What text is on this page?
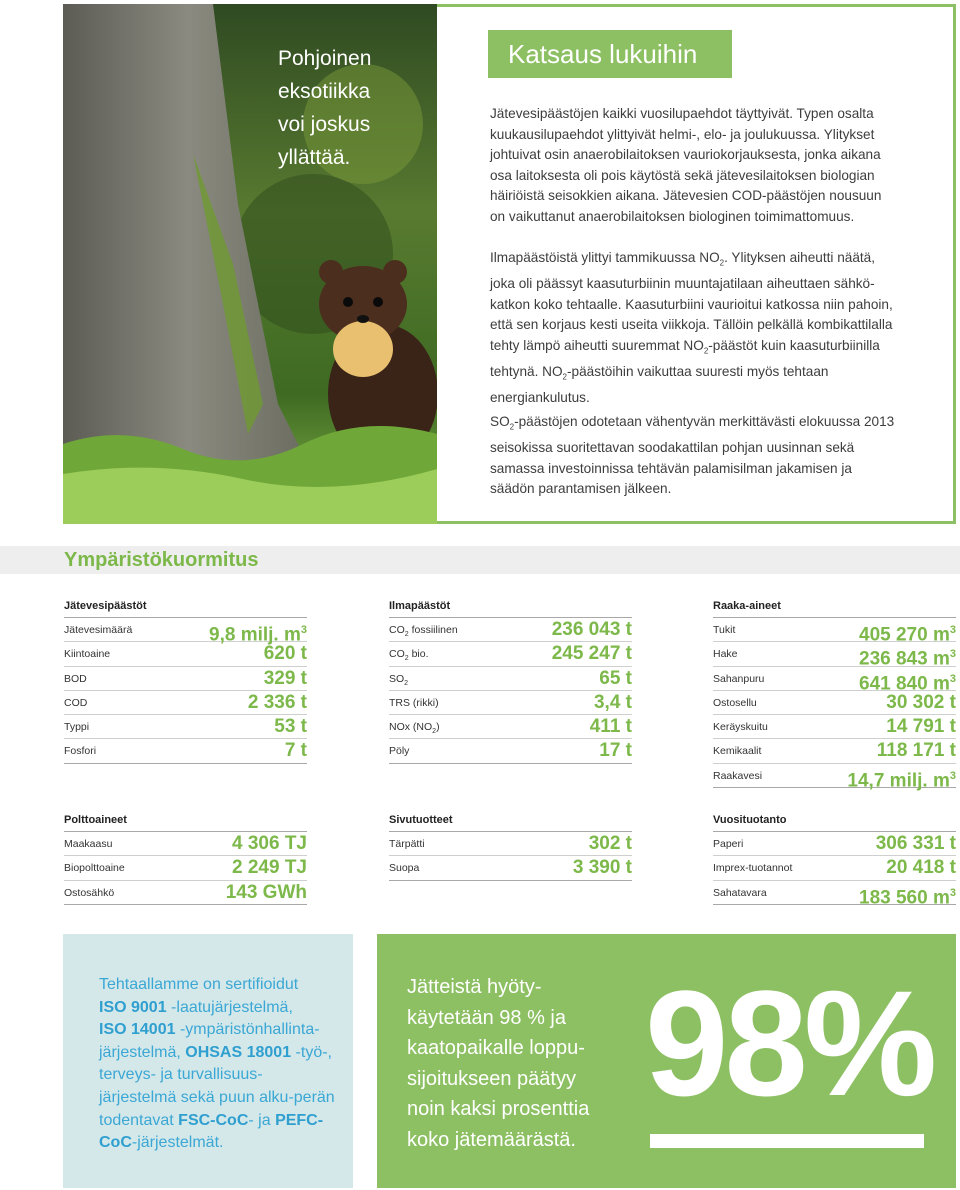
Pohjoinen
eksotiikka
voi joskus
yllättää.
Katsaus lukuihin
Jätevesipäästöjen kaikki vuosilupaehdot täyttyivät. Typen osalta kuukausilupaehdot ylittyivät helmi-, elo- ja joulukuussa. Ylitykset johtuivat osin anaerobilaitoksen vauriokorjauksesta, jonka aikana osa laitoksesta oli pois käytöstä sekä jätevesilaitoksen biologian häiriöistä seisokkien aikana. Jätevesien COD-päästöjen nousuun on vaikuttanut anaerobilaitoksen biologinen toimimattomuus.
Ilmapäästöistä ylittyi tammikuussa $NO_2$. Ylityksen aiheutti näätä, joka oli päässyt kaasuturbiinin muuntajatilaan aiheuttaen sähkö-katkon koko tehtaalle. Kaasuturbiini vaurioitui katkossa niin pahoin, että sen korjaus kesti useita viikkoja. Tällöin pelkällä kombikattilalla tehty lämpö aiheutti suuremmat $NO_2$-päästöt kuin kaasuturbiinilla tehtynä. $NO_2$-päästöihin vaikuttaa suuresti myös tehtaan energiankulutus.
$SO_2$-päästöjen odotetaan vähentyvän merkittävästi elokuussa 2013 seisokissa suoritettavan soodakattilan pohjan uusinnan sekä samassa investoinnissa tehtävän palamisilman jakamisen ja säädön parantamisen jälkeen.
Ympäristökuormitus
Jätevesipäästöt
Jätevesimäärä	9,8 milj. $m^3$
Kiintoaine	620 t
BOD	329 t
COD	2 336 t
Typpi	53 t
Fosfori	7 t
Ilmapäästöt
$CO_2$ fossiilinen	236 043 t
$CO_2$ bio.	245 247 t
$SO_2$	65 t
TRS (rikki)	3,4 t
NOx $(NO_2)$	411 t
Pöly	17 t
Raaka-aineet
Tukit	405 270 $m^3$
Hake	236 843 $m^3$
Sahanpuru	641 840 $m^3$
Ostosellu	30 302 t
Keräyskuitu	14 791 t
Kemikaalit	118 171 t
Raakavesi	14,7 milj. $m^3$
Polttoaineet
Maakaasu	4 306 TJ
Biopolttoaine	2 249 TJ
Ostosähkö	143 GWh
Sivutuotteet
Tärpätti	302 t
Suopa	3 390 t
Vuosituotanto
Paperi	306 331 t
Imprex-tuotannot	20 418 t
Sahatavara	183 560 $m^3$
Tehtaallamme on sertifioidut
ISO 9001 -laatujärjestelmä,
ISO 14001 -ympäristönhallinta-järjestelmä, OHSAS 18001 -työ-, terveys- ja turvallisuus-järjestelmä sekä puun alku-perän todentavat FSC-CoC- ja PEFC-CoC-järjestelmät.
Jätteistä hyöty-käytetään 98 % ja kaatopaikalle loppu-sijoitukseen päätyy noin kaksi prosenttia koko jätemäärästä.
98%
